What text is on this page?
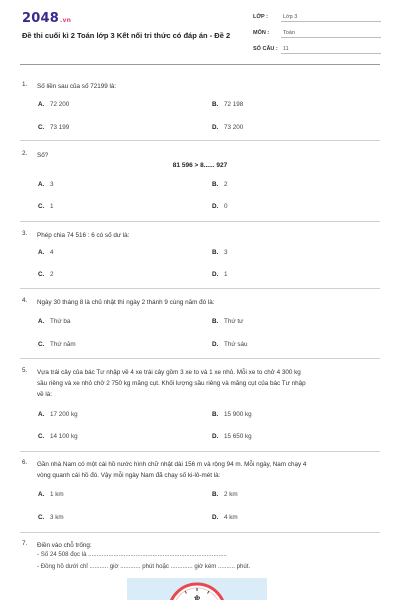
2048.vn
Đề thi cuối kì 2 Toán lớp 3 Kết nối tri thức có đáp án - Đề 2
LỚP :	Lớp 3
MÔN :	Toán
SỐ CÂU : 11
1. Số liền sau của số 72199 là:
A. 72 200	B. 72 198
C. 73 199	D. 73 200
2. Số?
81 596 > 8...... 927
A. 3	B. 2
C. 1	D. 0
3. Phép chia 74 516 : 6 có số dư là:
A. 4	B. 3
C. 2	D. 1
4. Ngày 30 tháng 8 là chủ nhật thì ngày 2 thánh 9 cùng năm đó là:
A. Thứ ba	B. Thứ tư
C. Thứ năm	D. Thứ sáu
5. Vựa trái cây của bác Tư nhập về 4 xe trái cây gồm 3 xe to và 1 xe nhỏ. Mỗi xe to chở 4 300 kg
sầu riêng và xe nhỏ chở 2 750 kg măng cụt. Khối lượng sầu riêng và măng cụt của bác Tư nhập
về là:
A. 17 200 kg	B. 15 900 kg
C. 14 100 kg	D. 15 650 kg
6. Gần nhà Nam có một cái hồ nước hình chữ nhật dài 156 m và rộng 94 m. Mỗi ngày, Nam chạy 4
vòng quanh cái hồ đó. Vậy mỗi ngày Nam đã chạy số ki-lô-mét là:
A. 1 km	B. 2 km
C. 3 km	D. 4 km
7. Điền vào chỗ trống:
- Số 24 508 đọc là ..................................................................................
- Đồng hồ dưới chỉ ........... giờ ............ phút hoặc ............. giờ kém .......... phút.
12
